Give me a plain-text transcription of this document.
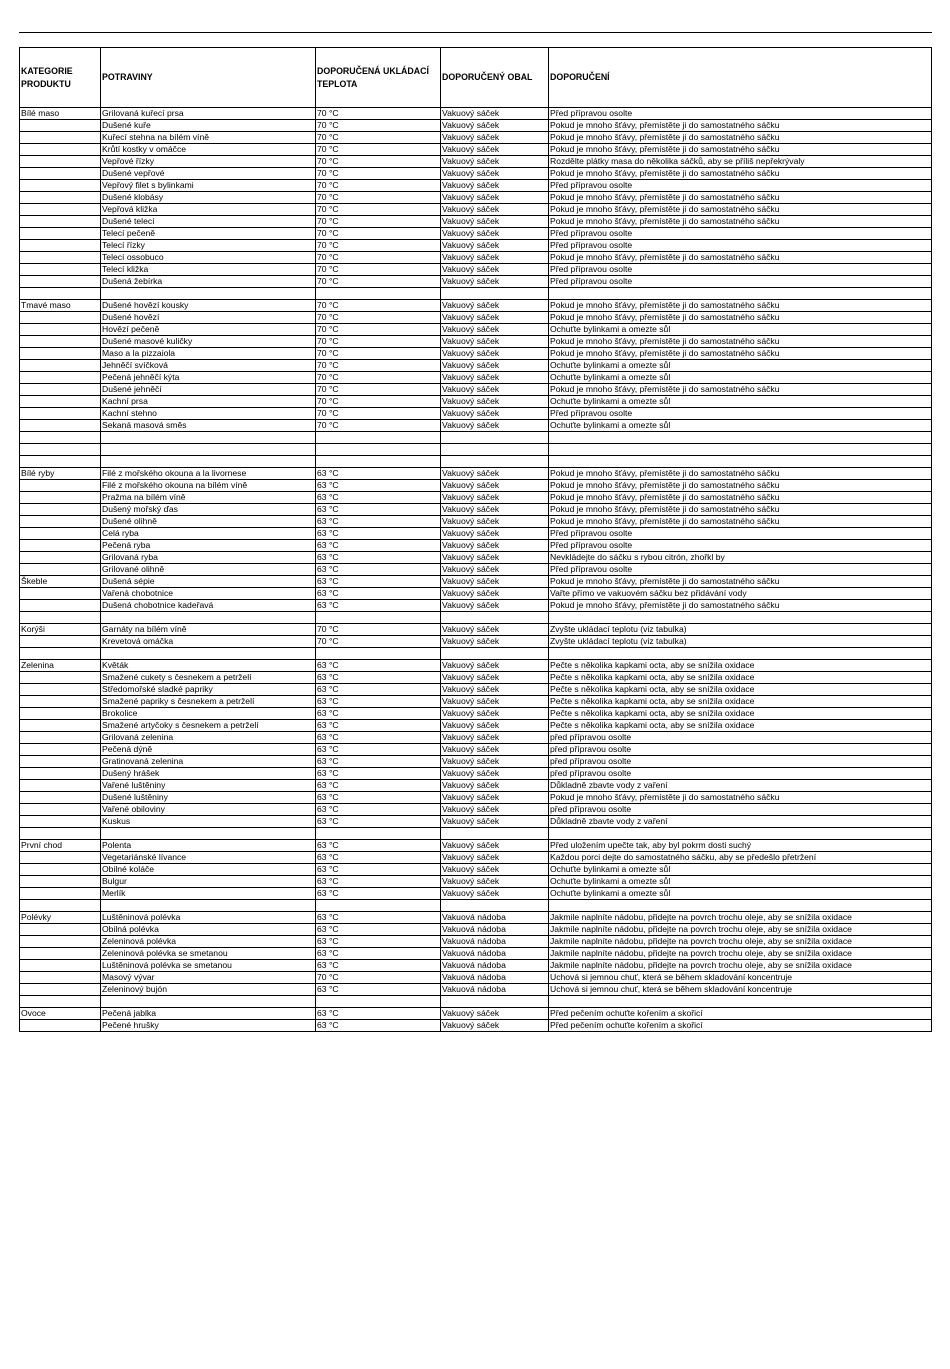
KATEGORIE PRODUKTU	POTRAVINY	DOPORUČENÁ UKLÁDACÍ TEPLOTA	DOPORUČENÝ OBAL	DOPORUČENÍ
Bílé maso	Grilovaná kuřecí prsa	70 °C	Vakuový sáček	Před přípravou osolte
	Dušené kuře	70 °C	Vakuový sáček	Pokud je mnoho šťávy, přemístěte ji do samostatného sáčku
	Kuřecí stehna na bílém víně	70 °C	Vakuový sáček	Pokud je mnoho šťávy, přemístěte ji do samostatného sáčku
	Krůtí kostky v omáčce	70 °C	Vakuový sáček	Pokud je mnoho šťávy, přemístěte ji do samostatného sáčku
	Vepřové řízky	70 °C	Vakuový sáček	Rozdělte plátky masa do několika sáčků, aby se příliš nepřekrývaly
	Dušené vepřové	70 °C	Vakuový sáček	Pokud je mnoho šťávy, přemístěte ji do samostatného sáčku
	Vepřový filet s bylinkami	70 °C	Vakuový sáček	Před přípravou osolte
	Dušené klobásy	70 °C	Vakuový sáček	Pokud je mnoho šťávy, přemístěte ji do samostatného sáčku
	Vepřová kližka	70 °C	Vakuový sáček	Pokud je mnoho šťávy, přemístěte ji do samostatného sáčku
	Dušené telecí	70 °C	Vakuový sáček	Pokud je mnoho šťávy, přemístěte ji do samostatného sáčku
	Telecí pečeně	70 °C	Vakuový sáček	Před přípravou osolte
	Telecí řízky	70 °C	Vakuový sáček	Před přípravou osolte
	Telecí ossobuco	70 °C	Vakuový sáček	Pokud je mnoho šťávy, přemístěte ji do samostatného sáčku
	Telecí kližka	70 °C	Vakuový sáček	Před přípravou osolte
	Dušená žebírka	70 °C	Vakuový sáček	Před přípravou osolte

Tmavé maso	Dušené hovězí kousky	70 °C	Vakuový sáček	Pokud je mnoho šťávy, přemístěte ji do samostatného sáčku
	Dušené hovězí	70 °C	Vakuový sáček	Pokud je mnoho šťávy, přemístěte ji do samostatného sáčku
	Hovězí pečeně	70 °C	Vakuový sáček	Ochuťte bylinkami a omezte sůl
	Dušené masové kuličky	70 °C	Vakuový sáček	Pokud je mnoho šťávy, přemístěte ji do samostatného sáčku
	Maso a la pizzaiola	70 °C	Vakuový sáček	Pokud je mnoho šťávy, přemístěte ji do samostatného sáčku
	Jehněčí svíčková	70 °C	Vakuový sáček	Ochuťte bylinkami a omezte sůl
	Pečená jehněčí kýta	70 °C	Vakuový sáček	Ochuťte bylinkami a omezte sůl
	Dušené jehněčí	70 °C	Vakuový sáček	Pokud je mnoho šťávy, přemístěte ji do samostatného sáčku
	Kachní prsa	70 °C	Vakuový sáček	Ochuťte bylinkami a omezte sůl
	Kachní stehno	70 °C	Vakuový sáček	Před přípravou osolte
	Sekaná masová směs	70 °C	Vakuový sáček	Ochuťte bylinkami a omezte sůl

Bílé ryby	Filé z mořského okouna a la livornese	63 °C	Vakuový sáček	Pokud je mnoho šťávy, přemístěte ji do samostatného sáčku
	Filé z mořského okouna na bílém víně	63 °C	Vakuový sáček	Pokud je mnoho šťávy, přemístěte ji do samostatného sáčku
	Pražma na bílém víně	63 °C	Vakuový sáček	Pokud je mnoho šťávy, přemístěte ji do samostatného sáčku
	Dušený mořský ďas	63 °C	Vakuový sáček	Pokud je mnoho šťávy, přemístěte ji do samostatného sáčku
	Dušené olihně	63 °C	Vakuový sáček	Pokud je mnoho šťávy, přemístěte ji do samostatného sáčku
	Celá ryba	63 °C	Vakuový sáček	Před přípravou osolte
	Pečená ryba	63 °C	Vakuový sáček	Před přípravou osolte
	Grilovaná ryba	63 °C	Vakuový sáček	Nevkládejte do sáčku s rybou citrón, zhořkl by
	Grilované olihně	63 °C	Vakuový sáček	Před přípravou osolte
Škeble	Dušená sépie	63 °C	Vakuový sáček	Pokud je mnoho šťávy, přemístěte ji do samostatného sáčku
	Vařená chobotnice	63 °C	Vakuový sáček	Vařte přímo ve vakuovém sáčku bez přidávání vody
	Dušená chobotnice kadeřavá	63 °C	Vakuový sáček	Pokud je mnoho šťávy, přemístěte ji do samostatného sáčku

Korýši	Garnáty na bílém víně	70 °C	Vakuový sáček	Zvyšte ukládací teplotu (viz tabulka)
	Krevetová omáčka	70 °C	Vakuový sáček	Zvyšte ukládací teplotu (viz tabulka)

Zelenina	Květák	63 °C	Vakuový sáček	Pečte s několika kapkami octa, aby se snížila oxidace
	Smažené cukety s česnekem a petrželí	63 °C	Vakuový sáček	Pečte s několika kapkami octa, aby se snížila oxidace
	Středomořské sladké papriky	63 °C	Vakuový sáček	Pečte s několika kapkami octa, aby se snížila oxidace
	Smažené papriky s česnekem a petrželí	63 °C	Vakuový sáček	Pečte s několika kapkami octa, aby se snížila oxidace
	Brokolice	63 °C	Vakuový sáček	Pečte s několika kapkami octa, aby se snížila oxidace
	Smažené artyčoky s česnekem a petrželí	63 °C	Vakuový sáček	Pečte s několika kapkami octa, aby se snížila oxidace
	Grilovaná zelenina	63 °C	Vakuový sáček	před přípravou osolte
	Pečená dýně	63 °C	Vakuový sáček	před přípravou osolte
	Gratinovaná zelenina	63 °C	Vakuový sáček	před přípravou osolte
	Dušený hrášek	63 °C	Vakuový sáček	před přípravou osolte
	Vařené luštěniny	63 °C	Vakuový sáček	Důkladně zbavte vody z vaření
	Dušené luštěniny	63 °C	Vakuový sáček	Pokud je mnoho šťávy, přemístěte ji do samostatného sáčku
	Vařené obiloviny	63 °C	Vakuový sáček	před přípravou osolte
	Kuskus	63 °C	Vakuový sáček	Důkladně zbavte vody z vaření

První chod	Polenta	63 °C	Vakuový sáček	Před uložením upečte tak, aby byl pokrm dosti suchý
	Vegetariánské lívance	63 °C	Vakuový sáček	Každou porci dejte do samostatného sáčku, aby se předešlo přetržení
	Obilné koláče	63 °C	Vakuový sáček	Ochuťte bylinkami a omezte sůl
	Bulgur	63 °C	Vakuový sáček	Ochuťte bylinkami a omezte sůl
	Merlík	63 °C	Vakuový sáček	Ochuťte bylinkami a omezte sůl

Polévky	Luštěninová polévka	63 °C	Vakuová nádoba	Jakmile naplníte nádobu, přidejte na povrch trochu oleje, aby se snížila oxidace
	Obilná polévka	63 °C	Vakuová nádoba	Jakmile naplníte nádobu, přidejte na povrch trochu oleje, aby se snížila oxidace
	Zeleninová polévka	63 °C	Vakuová nádoba	Jakmile naplníte nádobu, přidejte na povrch trochu oleje, aby se snížila oxidace
	Zeleninová polévka se smetanou	63 °C	Vakuová nádoba	Jakmile naplníte nádobu, přidejte na povrch trochu oleje, aby se snížila oxidace
	Luštěninová polévka se smetanou	63 °C	Vakuová nádoba	Jakmile naplníte nádobu, přidejte na povrch trochu oleje, aby se snížila oxidace
	Masový vývar	70 °C	Vakuová nádoba	Uchová si jemnou chuť, která se během skladování koncentruje
	Zeleninový bujón	63 °C	Vakuová nádoba	Uchová si jemnou chuť, která se během skladování koncentruje

Ovoce	Pečená jablka	63 °C	Vakuový sáček	Před pečením ochuťte kořením a skořicí
	Pečené hrušky	63 °C	Vakuový sáček	Před pečením ochuťte kořením a skořicí
